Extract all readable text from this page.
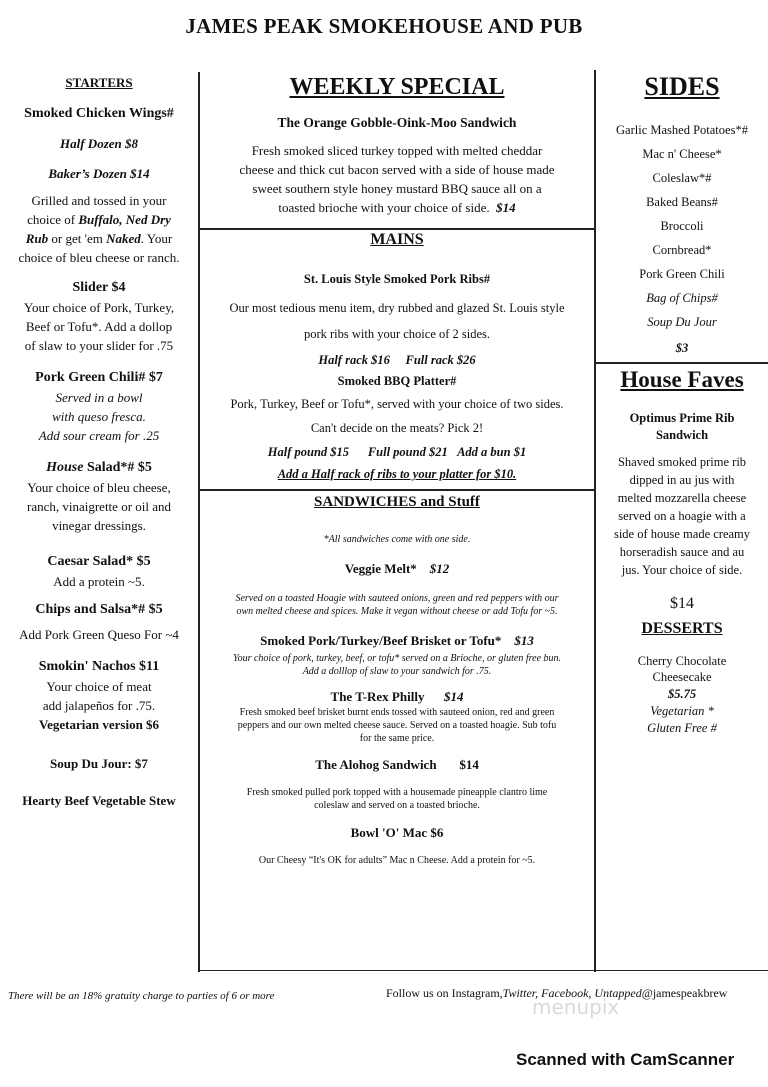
JAMES PEAK SMOKEHOUSE AND PUB

STARTERS

Smoked Chicken Wings#

Half Dozen $8

Baker’s Dozen $14

Grilled and tossed in your

choice of Buffalo, Ned Dry

Rub or get 'em Naked. Your

choice of bleu cheese or ranch.

Slider $4

Your choice of Pork, Turkey,

Beef or Tofu*. Add a dollop

of slaw to your slider for .75

Pork Green Chili# $7

Served in a bowl

with queso fresca.

Add sour cream for .25

House Salad*# $5

Your choice of bleu cheese,

ranch, vinaigrette or oil and

vinegar dressings.

Caesar Salad* $5

Add a protein ~5.

Chips and Salsa*# $5

Add Pork Green Queso For ~4

Smokin' Nachos $11

Your choice of meat

add jalapeños for .75.

Vegetarian version $6

Soup Du Jour: $7

Hearty Beef Vegetable Stew

WEEKLY SPECIAL

The Orange Gobble-Oink-Moo Sandwich

Fresh smoked sliced turkey topped with melted cheddar

cheese and thick cut bacon served with a side of house made

sweet southern style honey mustard BBQ sauce all on a

toasted brioche with your choice of side. $14

MAINS

St. Louis Style Smoked Pork Ribs#

Our most tedious menu item, dry rubbed and glazed St. Louis style

pork ribs with your choice of 2 sides.

Half rack $16 Full rack $26

Smoked BBQ Platter#

Pork, Turkey, Beef or Tofu*, served with your choice of two sides.

Can't decide on the meats? Pick 2!

Half pound $15 Full pound $21 Add a bun $1

Add a Half rack of ribs to your platter for $10.

SANDWICHES and Stuff

*All sandwiches come with one side.

Veggie Melt* $12

Served on a toasted Hoagie with sauteed onions, green and red peppers with our

own melted cheese and spices. Make it vegan without cheese or add Tofu for ~5.

Smoked Pork/Turkey/Beef Brisket or Tofu* $13

Your choice of pork, turkey, beef, or tofu* served on a Brioche, or gluten free bun.

Add a dolllop of slaw to your sandwich for .75.

The T-Rex Philly $14

Fresh smoked beef brisket burnt ends tossed with sauteed onion, red and green

peppers and our own melted cheese sauce. Served on a toasted hoagie. Sub tofu

for the same price.

The Alohog Sandwich $14

Fresh smoked pulled pork topped with a housemade pineapple clantro lime

coleslaw and served on a toasted brioche.

Bowl 'O' Mac $6

Our Cheesy “It's OK for adults” Mac n Cheese. Add a protein for ~5.

SIDES

Garlic Mashed Potatoes*#

Mac n' Cheese*

Coleslaw*#

Baked Beans#

Broccoli

Cornbread*

Pork Green Chili

Bag of Chips#

Soup Du Jour

$3

House Faves

Optimus Prime Rib

Sandwich

Shaved smoked prime rib

dipped in au jus with

melted mozzarella cheese

served on a hoagie with a

side of house made creamy

horseradish sauce and au

jus. Your choice of side.

$14

DESSERTS

Cherry Chocolate

Cheesecake

$5.75

Vegetarian *

Gluten Free #

There will be an 18% gratuity charge to parties of 6 or more	Follow us on Instagram,Twitter, Facebook, Untapped@jamespeakbrew
menupix
Scanned with CamScanner
